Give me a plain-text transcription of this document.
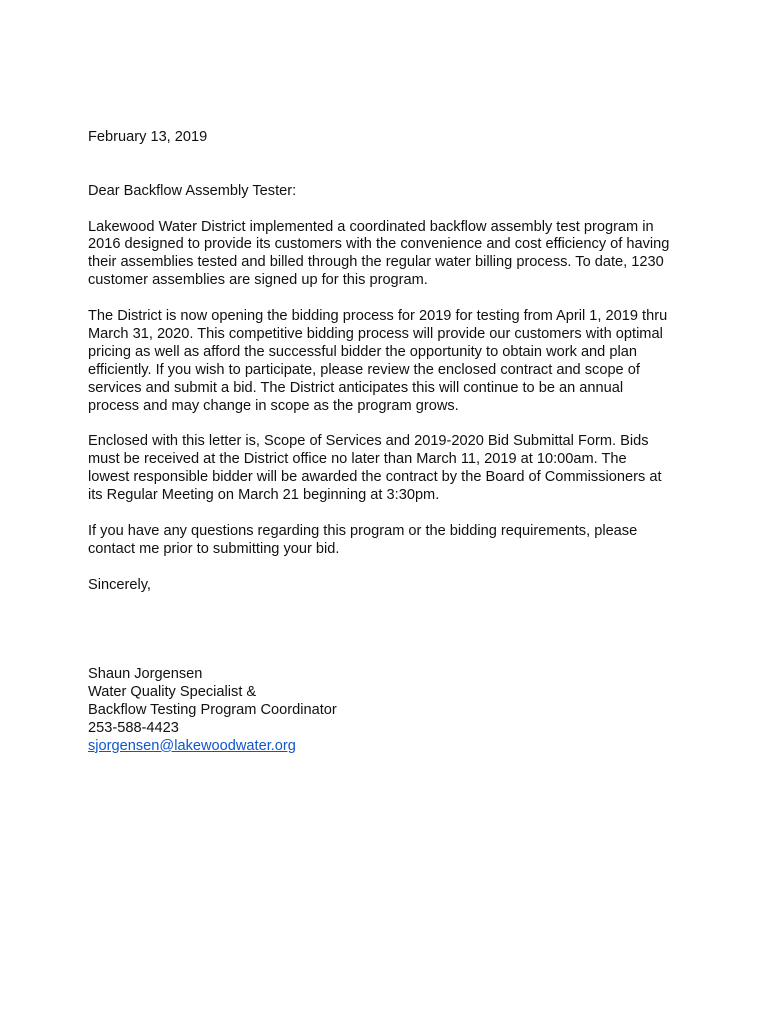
February 13, 2019
Dear Backflow Assembly Tester:
Lakewood Water District implemented a coordinated backflow assembly test program in
2016 designed to provide its customers with the convenience and cost efficiency of having
their assemblies tested and billed through the regular water billing process. To date, 1230
customer assemblies are signed up for this program.
The District is now opening the bidding process for 2019 for testing from April 1, 2019 thru
March 31, 2020. This competitive bidding process will provide our customers with optimal
pricing as well as afford the successful bidder the opportunity to obtain work and plan
efficiently. If you wish to participate, please review the enclosed contract and scope of
services and submit a bid. The District anticipates this will continue to be an annual
process and may change in scope as the program grows.
Enclosed with this letter is, Scope of Services and 2019-2020 Bid Submittal Form. Bids
must be received at the District office no later than March 11, 2019 at 10:00am. The
lowest responsible bidder will be awarded the contract by the Board of Commissioners at
its Regular Meeting on March 21 beginning at 3:30pm.
If you have any questions regarding this program or the bidding requirements, please
contact me prior to submitting your bid.
Sincerely,
Shaun Jorgensen
Water Quality Specialist &
Backflow Testing Program Coordinator
253-588-4423
sjorgensen@lakewoodwater.org
